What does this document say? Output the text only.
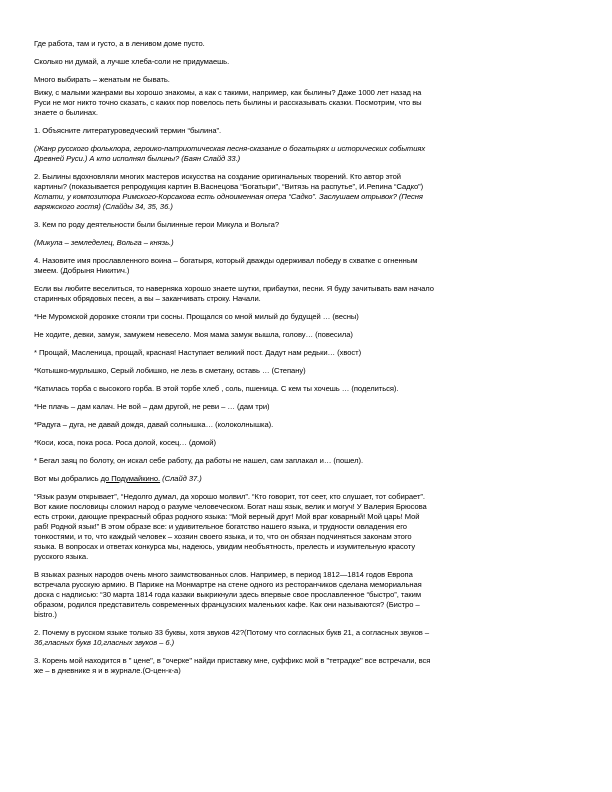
Где работа, там и густо, а в ленивом доме пусто.
Сколько ни думай, а лучше хлеба-соли не придумаешь.
Много выбирать – женатым не бывать.
Вижу, с малыми жанрами вы хорошо знакомы, а как с такими, например, как былины? Даже 1000 лет назад на
Руси не мог никто точно сказать, с каких пор повелось петь былины и рассказывать сказки. Посмотрим, что вы
знаете о былинах.
1. Объясните литературоведческий термин “былина”.
(Жанр русского фольклора, героико-патриотическая песня-сказание о богатырях и исторических событиях
Древней Руси.) А кто исполнял былины? (Баян Слайд 33.)
2. Былины вдохновляли многих мастеров искусства на создание оригинальных творений. Кто автор этой
картины? (показывается репродукция картин В.Васнецова “Богатыри”, “Витязь на распутье”, И.Репина “Садко”)
Кстати, у композитора Римского-Корсакова есть одноименная опера “Садко”. Заслушаем отрывок? (Песня
варяжского гостя) (Слайды 34, 35, 36.)
3. Кем по роду деятельности были былинные герои Микула и Вольга?
(Микула – земледелец, Вольга – князь.)
4. Назовите имя прославленного воина – богатыря, который дважды одерживал победу в схватке с огненным
змеем. (Добрыня Никитич.)
Если вы любите веселиться, то наверняка хорошо знаете шутки, прибаутки, песни. Я буду зачитывать вам начало
старинных обрядовых песен, а вы – заканчивать строку. Начали.
*Не Муромской дорожке стояли три сосны. Прощался со мной милый до будущей … (весны)
Не ходите, девки, замуж, замужем невесело. Моя мама замуж вышла, голову… (повесила)
* Прощай, Масленица, прощай, красная! Наступает великий пост. Дадут нам редьки… (хвост)
*Котышко-мурлышко, Серый лобишко, не лезь в сметану, оставь … (Степану)
*Катилась торба с высокого горба. В этой торбе хлеб , соль, пшеница. С кем ты хочешь … (поделиться).
*Не плачь – дам калач. Не вой – дам другой, не реви – … (дам три)
*Радуга – дуга, не давай дождя, давай солнышка… (колоколнышка).
*Коси, коса, пока роса. Роса долой, косец… (домой)
* Бегал заяц по болоту, он искал себе работу, да работы не нашел, сам заплакал и… (пошел).
Вот мы добрались до Подумайкино. (Слайд 37.)
“Язык разум открывает”, “Недолго думал, да хорошо молвил”. “Кто говорит, тот сеет, кто слушает, тот собирает”.
Вот какие пословицы сложил народ о разуме человеческом. Богат наш язык, велик и могуч! У Валерия Брюсова
есть строки, дающие прекрасный образ родного языка: “Мой верный друг! Мой враг коварный! Мой царь! Мой
раб! Родной язык!” В этом образе все: и удивительное богатство нашего языка, и трудности овладения его
тонкостями, и то, что каждый человек – хозяин своего языка, и то, что он обязан подчиняться законам этого
языка. В вопросах и ответах конкурса мы, надеюсь, увидим необъятность, прелесть и изумительную красоту
русского языка.
В языках разных народов очень много заимствованных слов. Например, в период 1812—1814 годов Европа
встречала русскую армию. В Париже на Монмартре на стене одного из ресторанчиков сделана мемориальная
доска с надписью: “30 марта 1814 года казаки выкрикнули здесь впервые свое прославленное “быстро”, таким
образом, родился представитель современных французских маленьких кафе. Как они называются? (Бистро –
bistro.)
2. Почему в русском языке только 33 буквы, хотя звуков 42?(Потому что согласных букв 21, а согласных звуков –
36,гласных букв 10,гласных звуков – 6.)
3. Корень мой находится в " цене", в "очерке" найди приставку мне, суффикс мой в "тетрадке" все встречали, вся
же – в дневнике я и в журнале.(О-цен-к-а)
